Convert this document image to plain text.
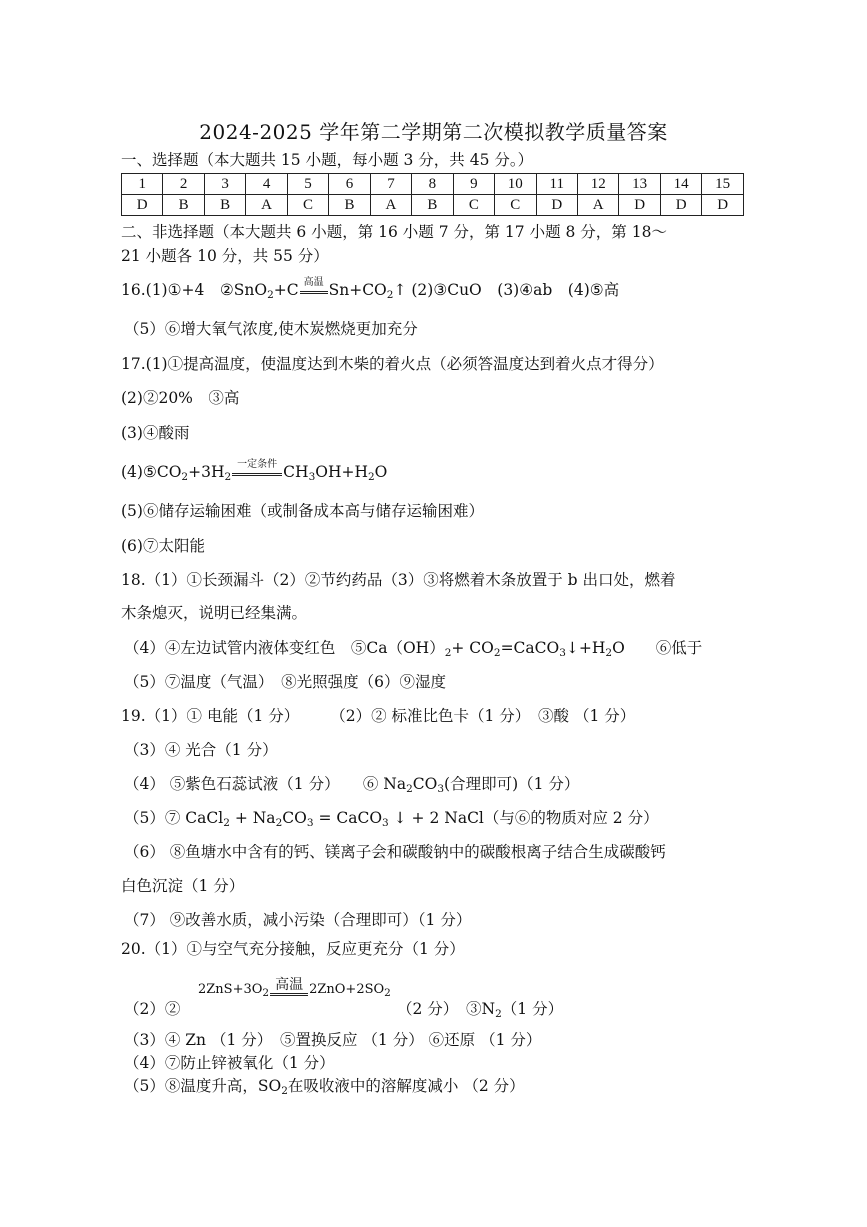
2024-2025 学年第二学期第二次模拟教学质量答案
一、选择题（本大题共 15 小题，每小题 3 分，共 45 分。）
1	2	3	4	5	6	7	8	9	10	11	12	13	14	15
D	B	B	A	C	B	A	B	C	C	D	A	D	D	D
二、非选择题（本大题共 6 小题，第 16 小题 7 分，第 17 小题 8 分，第 18～
21 小题各 10 分，共 55 分）
16.(1)①+4　②SnO$_2$+C $^{高温}$ $Sn+CO_2↑$ (2)③CuO　(3)④ab　(4)⑤高
（5）⑥增大氧气浓度,使木炭燃烧更加充分
17.(1)①提高温度，使温度达到木柴的着火点（必须答温度达到着火点才得分）
(2)②20%　③高
(3)④酸雨
$(4)⑤CO_2+3H_2^{一定条件}$ $CH_3OH+H_2O$
(5)⑥储存运输困难（或制备成本高与储存运输困难）
(6)⑦太阳能
18.（1）①长颈漏斗（2）②节约药品（3）③将燃着木条放置于 b 出口处，燃着
木条熄灭，说明已经集满。
（4）④左边试管内液体变红色　$⑤Ca(OH)_2+$ $CO_2=CaCO_3↓+H_2O$　　⑥低于
（5）⑦温度（气温）　⑧光照强度（6）⑨湿度
19.（1）① 电能（1 分）　　　（2）② 标准比色卡（1 分）　③酸 （1 分）
（3）④ 光合（1 分）
（4） ⑤紫色石蕊试液（1 分）　　⑥ $Na_2CO_3$(合理即可)（1 分）
（5）⑦ CaCl$_2$ + $Na_2CO_3$ = CaCO$_3$ ↓ + 2 NaCl（与⑥的物质对应 2 分）
（6） ⑧鱼塘水中含有的钙、镁离子会和碳酸钠中的碳酸根离子结合生成碳酸钙
白色沉淀（1 分）
（7） ⑨改善水质，减小污染（合理即可）（1 分）
20.（1）①与空气充分接触，反应更充分（1 分）
（2）②
$2ZnS+3O_2$ 高温 $2ZnO+2SO_2$
（2 分）　$③N_2(1$ 分）
（3）④ Zn （1 分）　⑤置换反应 （1 分） ⑥还原 （1 分）
（4）⑦防止锌被氧化（1 分）
（5）⑧温度升高，$SO_2$在吸收液中的溶解度减小 （2 分）
